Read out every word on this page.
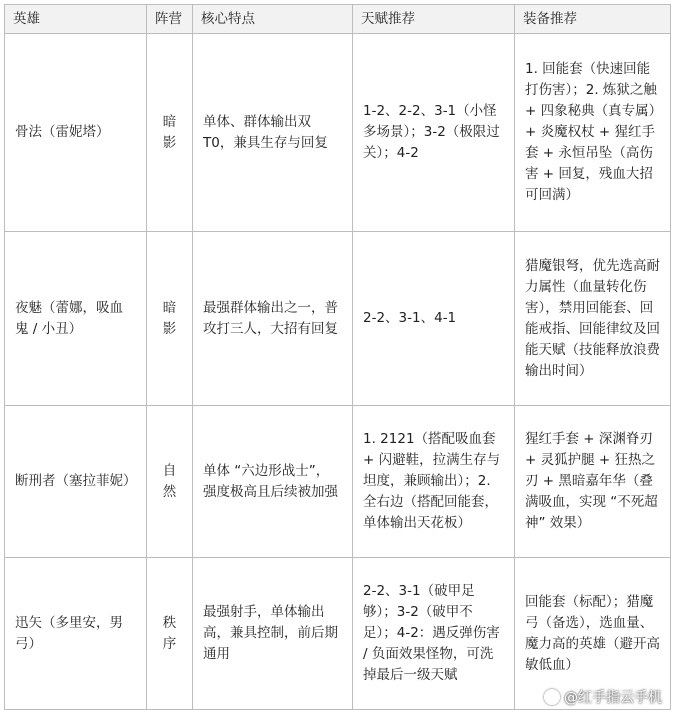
英雄	阵营	核心特点	天赋推荐	装备推荐
骨法（雷妮塔）	暗影	单体、群体输出双 T0，兼具生存与回复	1-2、2-2、3-1（小怪多场景）；3-2（极限过关）；4-2	1. 回能套（快速回能打伤害）；2. 炼狱之触 + 四象秘典（真专属）+ 炎魔权杖 + 猩红手套 + 永恒吊坠（高伤害 + 回复，残血大招可回满）
夜魅（蕾娜，吸血鬼 / 小丑）	暗影	最强群体输出之一，普攻打三人，大招有回复	2-2、3-1、4-1	猎魔银弩，优先选高耐力属性（血量转化伤害），禁用回能套、回能戒指、回能律纹及回能天赋（技能释放浪费输出时间）
断刑者（塞拉菲妮）	自然	单体 “六边形战士”，强度极高且后续被加强	1. 2121（搭配吸血套 + 闪避鞋，拉满生存与坦度，兼顾输出）；2. 全右边（搭配回能套，单体输出天花板）	猩红手套 + 深渊脊刃 + 灵狐护腿 + 狂热之刃 + 黑暗嘉年华（叠满吸血，实现 “不死超神” 效果）
迅矢（多里安，男弓）	秩序	最强射手，单体输出高，兼具控制，前后期通用	2-2、3-1（破甲足够）；3-2（破甲不足）；4-2：遇反弹伤害 / 负面效果怪物，可洗掉最后一级天赋	回能套（标配）；猎魔弓（备选），选血量、魔力高的英雄（避开高敏低血）
@红手指云手机
